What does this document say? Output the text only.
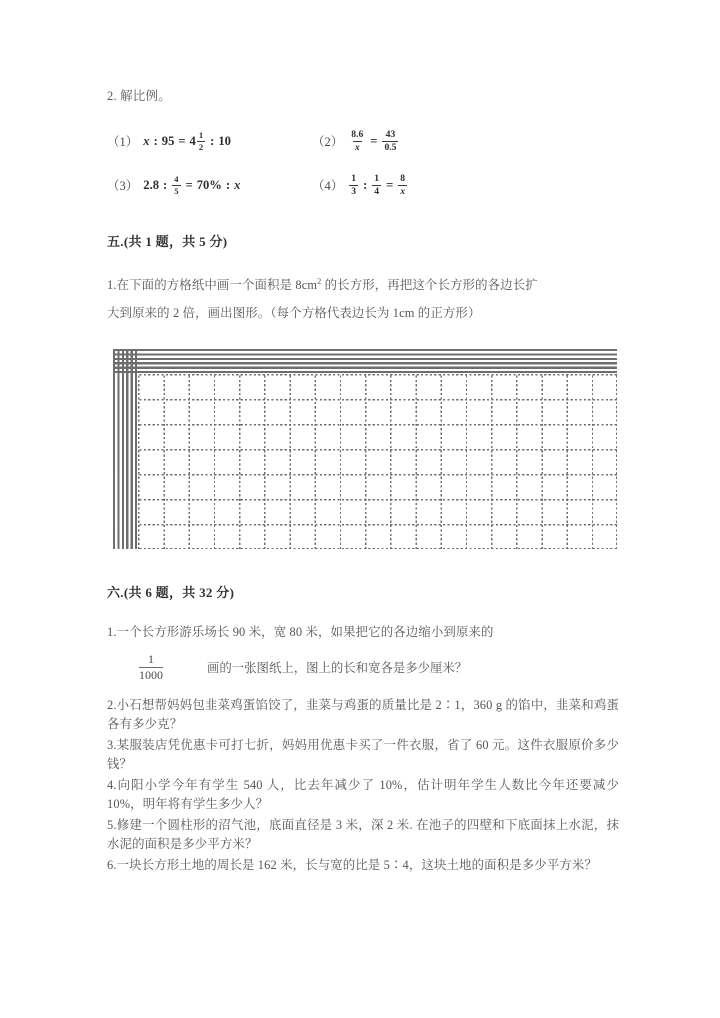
2. 解比例。
（1） x : $95 = 4 \frac{1}{2}$ : 10	$(2) \frac{8.6}{x} = \frac{43}{0.5}$
（3） 2.8 : $\frac{4}{5} = 70\%$ : x	$(4) \frac{1}{3}$ : $\frac{1}{4} = \frac{8}{x}$
五.(共 1 题，共 5 分)
1.在下面的方格纸中画一个面积是 $8cm^2$ 的长方形，再把这个长方形的各边长扩
大到原来的 2 倍，画出图形。（每个方格代表边长为 1cm 的正方形）
六.(共 6 题，共 32 分)
1.一个长方形游乐场长 90 米，宽 80 米，如果把它的各边缩小到原来的
$\frac{1}{1000}$	画的一张图纸上，图上的长和宽各是多少厘米？
2.小石想帮妈妈包韭菜鸡蛋馅饺了，韭菜与鸡蛋的质量比是 2∶1，360 g 的馅中，韭菜和鸡蛋各有多少克？
3.某服装店凭优惠卡可打七折，妈妈用优惠卡买了一件衣服，省了 60 元。这件衣服原价多少钱？
4.向阳小学今年有学生 540 人，比去年减少了 10%，估计明年学生人数比今年还要减少 10%，明年将有学生多少人？
5.修建一个圆柱形的沼气池，底面直径是 3 米，深 2 米. 在池子的四壁和下底面抹上水泥，抹水泥的面积是多少平方米？
6.一块长方形土地的周长是 162 米，长与宽的比是 5∶4，这块土地的面积是多少平方米？
